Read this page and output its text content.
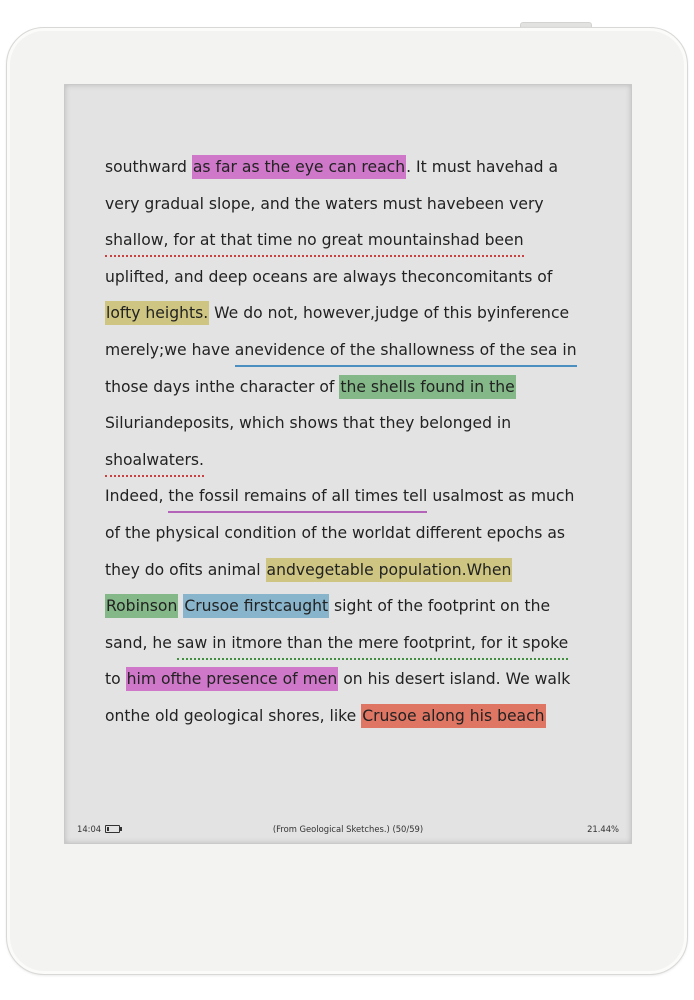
southward as far as the eye can reach. It must havehad a
very gradual slope, and the waters must havebeen very
shallow, for at that time no great mountainshad been
uplifted, and deep oceans are always theconcomitants of
lofty heights. We do not, however,judge of this byinference
merely;we have anevidence of the shallowness of the sea in
those days inthe character of the shells found in the
Siluriandeposits, which shows that they belonged in
shoalwaters.
Indeed, the fossil remains of all times tell usalmost as much
of the physical condition of the worldat different epochs as
they do ofits animal andvegetable population.When
Robinson Crusoe firstcaught sight of the footprint on the
sand, he saw in itmore than the mere footprint, for it spoke
to him ofthe presence of men on his desert island. We walk
onthe old geological shores, like Crusoe along his beach
14:04	(From Geological Sketches.) (50/59)	21.44%
